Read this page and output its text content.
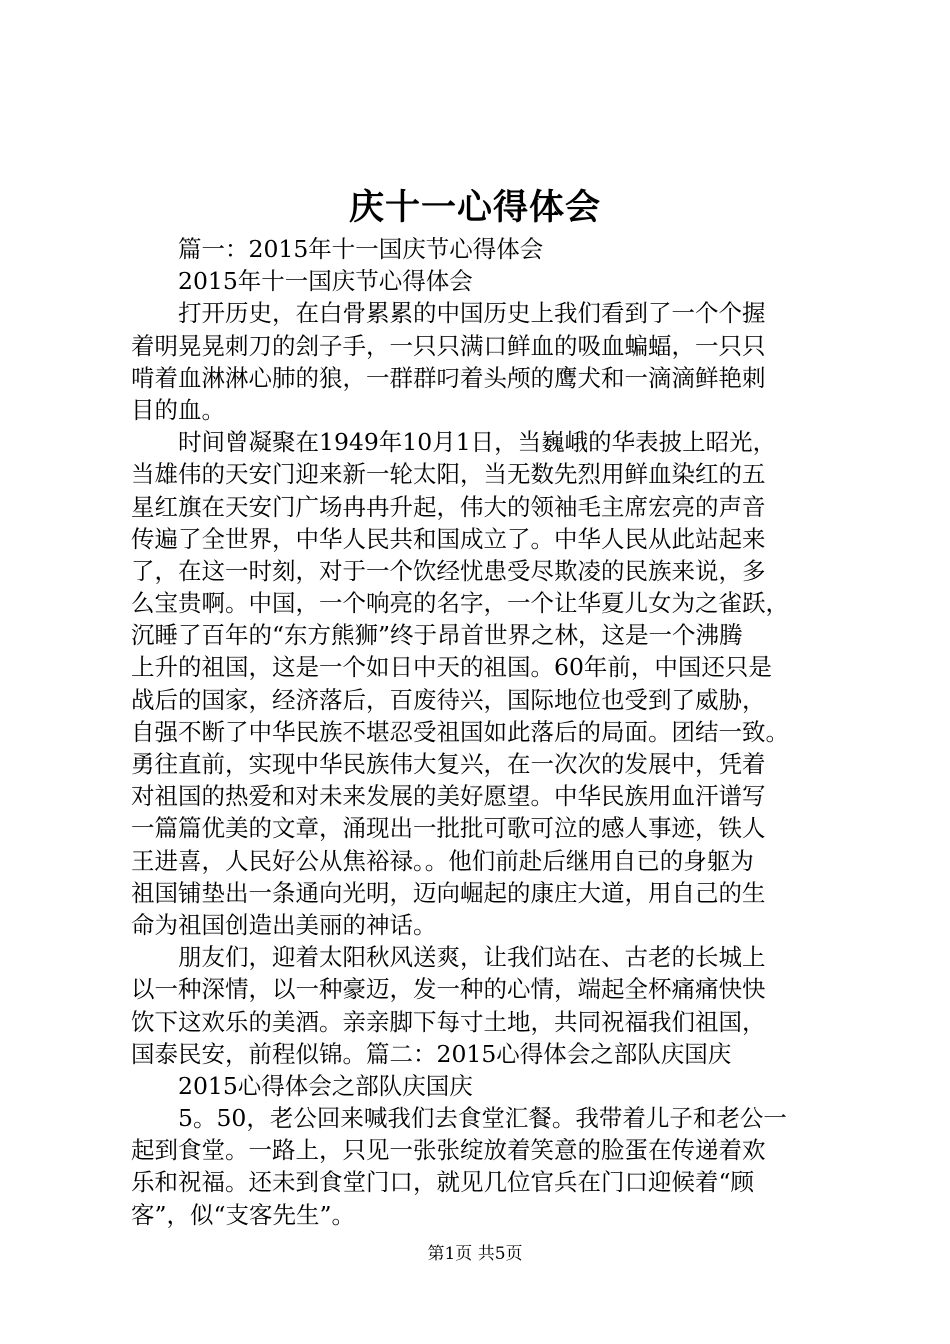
庆十一心得体会
　　篇一：2015年十一国庆节心得体会
　　2015年十一国庆节心得体会
　　打开历史，在白骨累累的中国历史上我们看到了一个个握
着明晃晃刺刀的刽子手，一只只满口鲜血的吸血蝙蝠，一只只
啃着血淋淋心肺的狼，一群群叼着头颅的鹰犬和一滴滴鲜艳刺
目的血。
　　时间曾凝聚在1949年10月1日，当巍峨的华表披上昭光，
当雄伟的天安门迎来新一轮太阳，当无数先烈用鲜血染红的五
星红旗在天安门广场冉冉升起，伟大的领袖毛主席宏亮的声音
传遍了全世界，中华人民共和国成立了。中华人民从此站起来
了，在这一时刻，对于一个饮经忧患受尽欺凌的民族来说，多
么宝贵啊。中国，一个响亮的名字，一个让华夏儿女为之雀跃，
沉睡了百年的“东方熊狮”终于昂首世界之林，这是一个沸腾
上升的祖国，这是一个如日中天的祖国。60年前，中国还只是
战后的国家，经济落后，百废待兴，国际地位也受到了威胁，
自强不断了中华民族不堪忍受祖国如此落后的局面。团结一致。
勇往直前，实现中华民族伟大复兴，在一次次的发展中，凭着
对祖国的热爱和对未来发展的美好愿望。中华民族用血汗谱写
一篇篇优美的文章，涌现出一批批可歌可泣的感人事迹，铁人
王进喜，人民好公从焦裕禄。。他们前赴后继用自已的身躯为
祖国铺垫出一条通向光明，迈向崛起的康庄大道，用自己的生
命为祖国创造出美丽的神话。
　　朋友们，迎着太阳秋风送爽，让我们站在、古老的长城上
以一种深情，以一种豪迈，发一种的心情，端起全杯痛痛快快
饮下这欢乐的美酒。亲亲脚下每寸土地，共同祝福我们祖国，
国泰民安，前程似锦。篇二：2015心得体会之部队庆国庆
　　2015心得体会之部队庆国庆
　　5。50，老公回来喊我们去食堂汇餐。我带着儿子和老公一
起到食堂。一路上，只见一张张绽放着笑意的脸蛋在传递着欢
乐和祝福。还未到食堂门口，就见几位官兵在门口迎候着“顾
客”，似“支客先生”。
第1页 共5页
